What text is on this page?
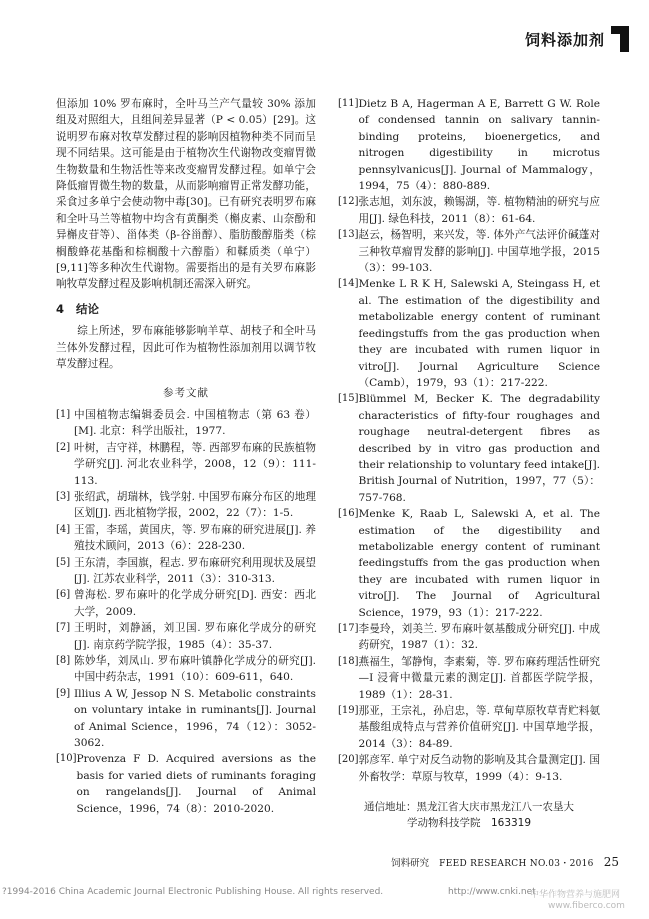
饲料添加剂

但添加 10% 罗布麻时，全叶马兰产气量较 30% 添加组及对照组大，且组间差异显著（P < 0.05）[29]。这说明罗布麻对牧草发酵过程的影响因植物种类不同而呈现不同结果。这可能是由于植物次生代谢物改变瘤胃微生物数量和生物活性等来改变瘤胃发酵过程。如单宁会降低瘤胃微生物的数量，从而影响瘤胃正常发酵功能，采食过多单宁会使动物中毒[30]。已有研究表明罗布麻和全叶马兰等植物中均含有黄酮类（槲皮素、山奈酚和异槲皮苷等）、甾体类（β-谷甾醇）、脂肪酸醇脂类（棕榈酸蜂花基酯和棕榈酸十六醇脂）和鞣质类（单宁）[9,11]等多种次生代谢物。需要指出的是有关罗布麻影响牧草发酵过程及影响机制还需深入研究。

4 结论

综上所述，罗布麻能够影响羊草、胡枝子和全叶马兰体外发酵过程，因此可作为植物性添加剂用以调节牧草发酵过程。

参考文献
[1] 中国植物志编辑委员会. 中国植物志（第 63 卷）[M]. 北京：科学出版社，1977.
[2] 叶树，吉守祥，林鹏程，等. 西部罗布麻的民族植物学研究[J]. 河北农业科学，2008，12（9）：111-113.
[3] 张绍武，胡瑞林，钱学射. 中国罗布麻分布区的地理区划[J]. 西北植物学报，2002，22（7）：1-5.
[4] 王雷，李瑶，黄国庆，等. 罗布麻的研究进展[J]. 养殖技术顾问，2013（6）：228-230.
[5] 王东清，李国旗，程志. 罗布麻研究利用现状及展望[J]. 江苏农业科学，2011（3）：310-313.
[6] 曾海松. 罗布麻叶的化学成分研究[D]. 西安：西北大学，2009.
[7] 王明时，刘静涵，刘卫国. 罗布麻化学成分的研究[J]. 南京药学院学报，1985（4）：35-37.
[8] 陈妙华，刘凤山. 罗布麻叶镇静化学成分的研究[J]. 中国中药杂志，1991（10）：609-611，640.
[9] Illius A W, Jessop N S. Metabolic constraints on voluntary intake in ruminants[J]. Journal of Animal Science，1996，74（12）：3052-3062.
[10] Provenza F D. Acquired aversions as the basis for varied diets of ruminants foraging on rangelands[J]. Journal of Animal Science，1996，74（8）：2010-2020.
[11] Dietz B A, Hagerman A E, Barrett G W. Role of condensed tannin on salivary tannin-binding proteins, bioenergetics, and nitrogen digestibility in microtus pennsylvanicus[J]. Journal of Mammalogy，1994，75（4）：880-889.
[12] 张志旭，刘东波，赖锡湖，等. 植物精油的研究与应用[J]. 绿色科技，2011（8）：61-64.
[13] 赵云，杨智明，来兴发，等. 体外产气法评价碱蓬对三种牧草瘤胃发酵的影响[J]. 中国草地学报，2015（3）：99-103.
[14] Menke L R K H, Salewski A, Steingass H, et al. The estimation of the digestibility and metabolizable energy content of ruminant feedingstuffs from the gas production when they are incubated with rumen liquor in vitro[J]. Journal Agriculture Science（Camb），1979，93（1）：217-222.
[15] Blümmel M, Becker K. The degradability characteristics of fifty-four roughages and roughage neutral-detergent fibres as described by in vitro gas production and their relationship to voluntary feed intake[J]. British Journal of Nutrition，1997，77（5）：757-768.
[16] Menke K, Raab L, Salewski A, et al. The estimation of the digestibility and metabolizable energy content of ruminant feedingstuffs from the gas production when they are incubated with rumen liquor in vitro[J]. The Journal of Agricultural Science，1979，93（1）：217-222.
[17] 李曼玲，刘美兰. 罗布麻叶氨基酸成分研究[J]. 中成药研究，1987（1）：32.
[18] 燕福生，邹静恂，李素菊，等. 罗布麻药理活性研究—I 浸膏中微量元素的测定[J]. 首都医学院学报，1989（1）：28-31.
[19] 那亚，王宗礼，孙启忠，等. 草甸草原牧草青贮料氨基酸组成特点与营养价值研究[J]. 中国草地学报，2014（3）：84-89.
[20] 郭彦军. 单宁对反刍动物的影响及其合量测定[J]. 国外畜牧学：草原与牧草，1999（4）：9-13.
通信地址：黑龙江省大庆市黑龙江八一农垦大
学动物科技学院　163319
饲料研究 FEED RESEARCH NO.03・2016 25
?1994-2016 China Academic Journal Electronic Publishing House. All rights reserved.	http://www.cnki.net
中华作物营养与施肥网
www.fiberco.com
